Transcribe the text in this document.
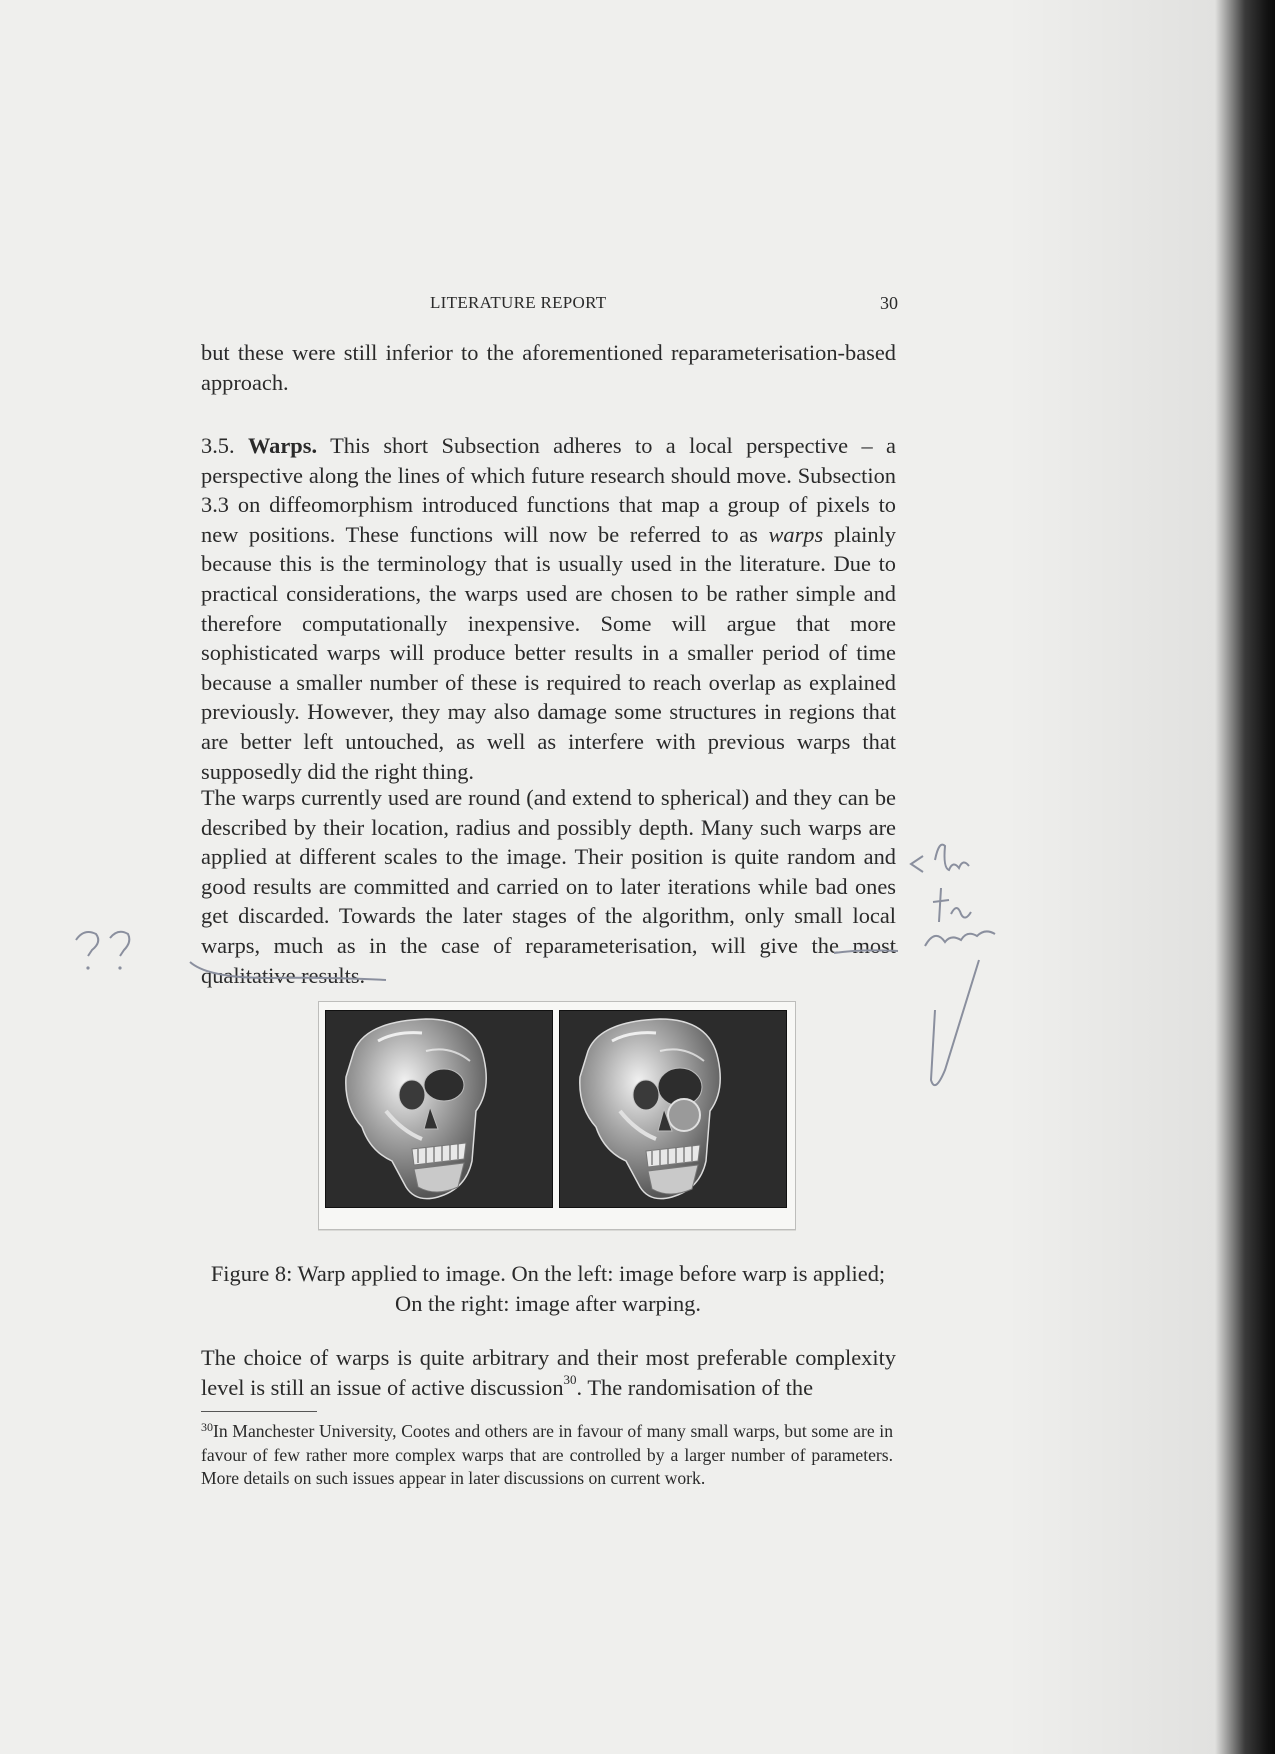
LITERATURE REPORT	30

but these were still inferior to the aforementioned reparameterisation-based approach.

3.5. Warps. This short Subsection adheres to a local perspective – a perspective along the lines of which future research should move. Subsection 3.3 on diffeomorphism introduced functions that map a group of pixels to new positions. These functions will now be referred to as warps plainly because this is the terminology that is usually used in the literature. Due to practical considerations, the warps used are chosen to be rather simple and therefore computationally inexpensive. Some will argue that more sophisticated warps will produce better results in a smaller period of time because a smaller number of these is required to reach overlap as explained previously. However, they may also damage some structures in regions that are better left untouched, as well as interfere with previous warps that supposedly did the right thing.

The warps currently used are round (and extend to spherical) and they can be described by their location, radius and possibly depth. Many such warps are applied at different scales to the image. Their position is quite random and good results are committed and carried on to later iterations while bad ones get discarded. Towards the later stages of the algorithm, only small local warps, much as in the case of reparameterisation, will give the most qualitative results.

Figure 8: Warp applied to image. On the left: image before warp is applied; On the right: image after warping.

The choice of warps is quite arbitrary and their most preferable complexity level is still an issue of active discussion$^{30}$. The randomisation of the

$^{30}$In Manchester University, Cootes and others are in favour of many small warps, but some are in favour of few rather more complex warps that are controlled by a larger number of parameters. More details on such issues appear in later discussions on current work.
